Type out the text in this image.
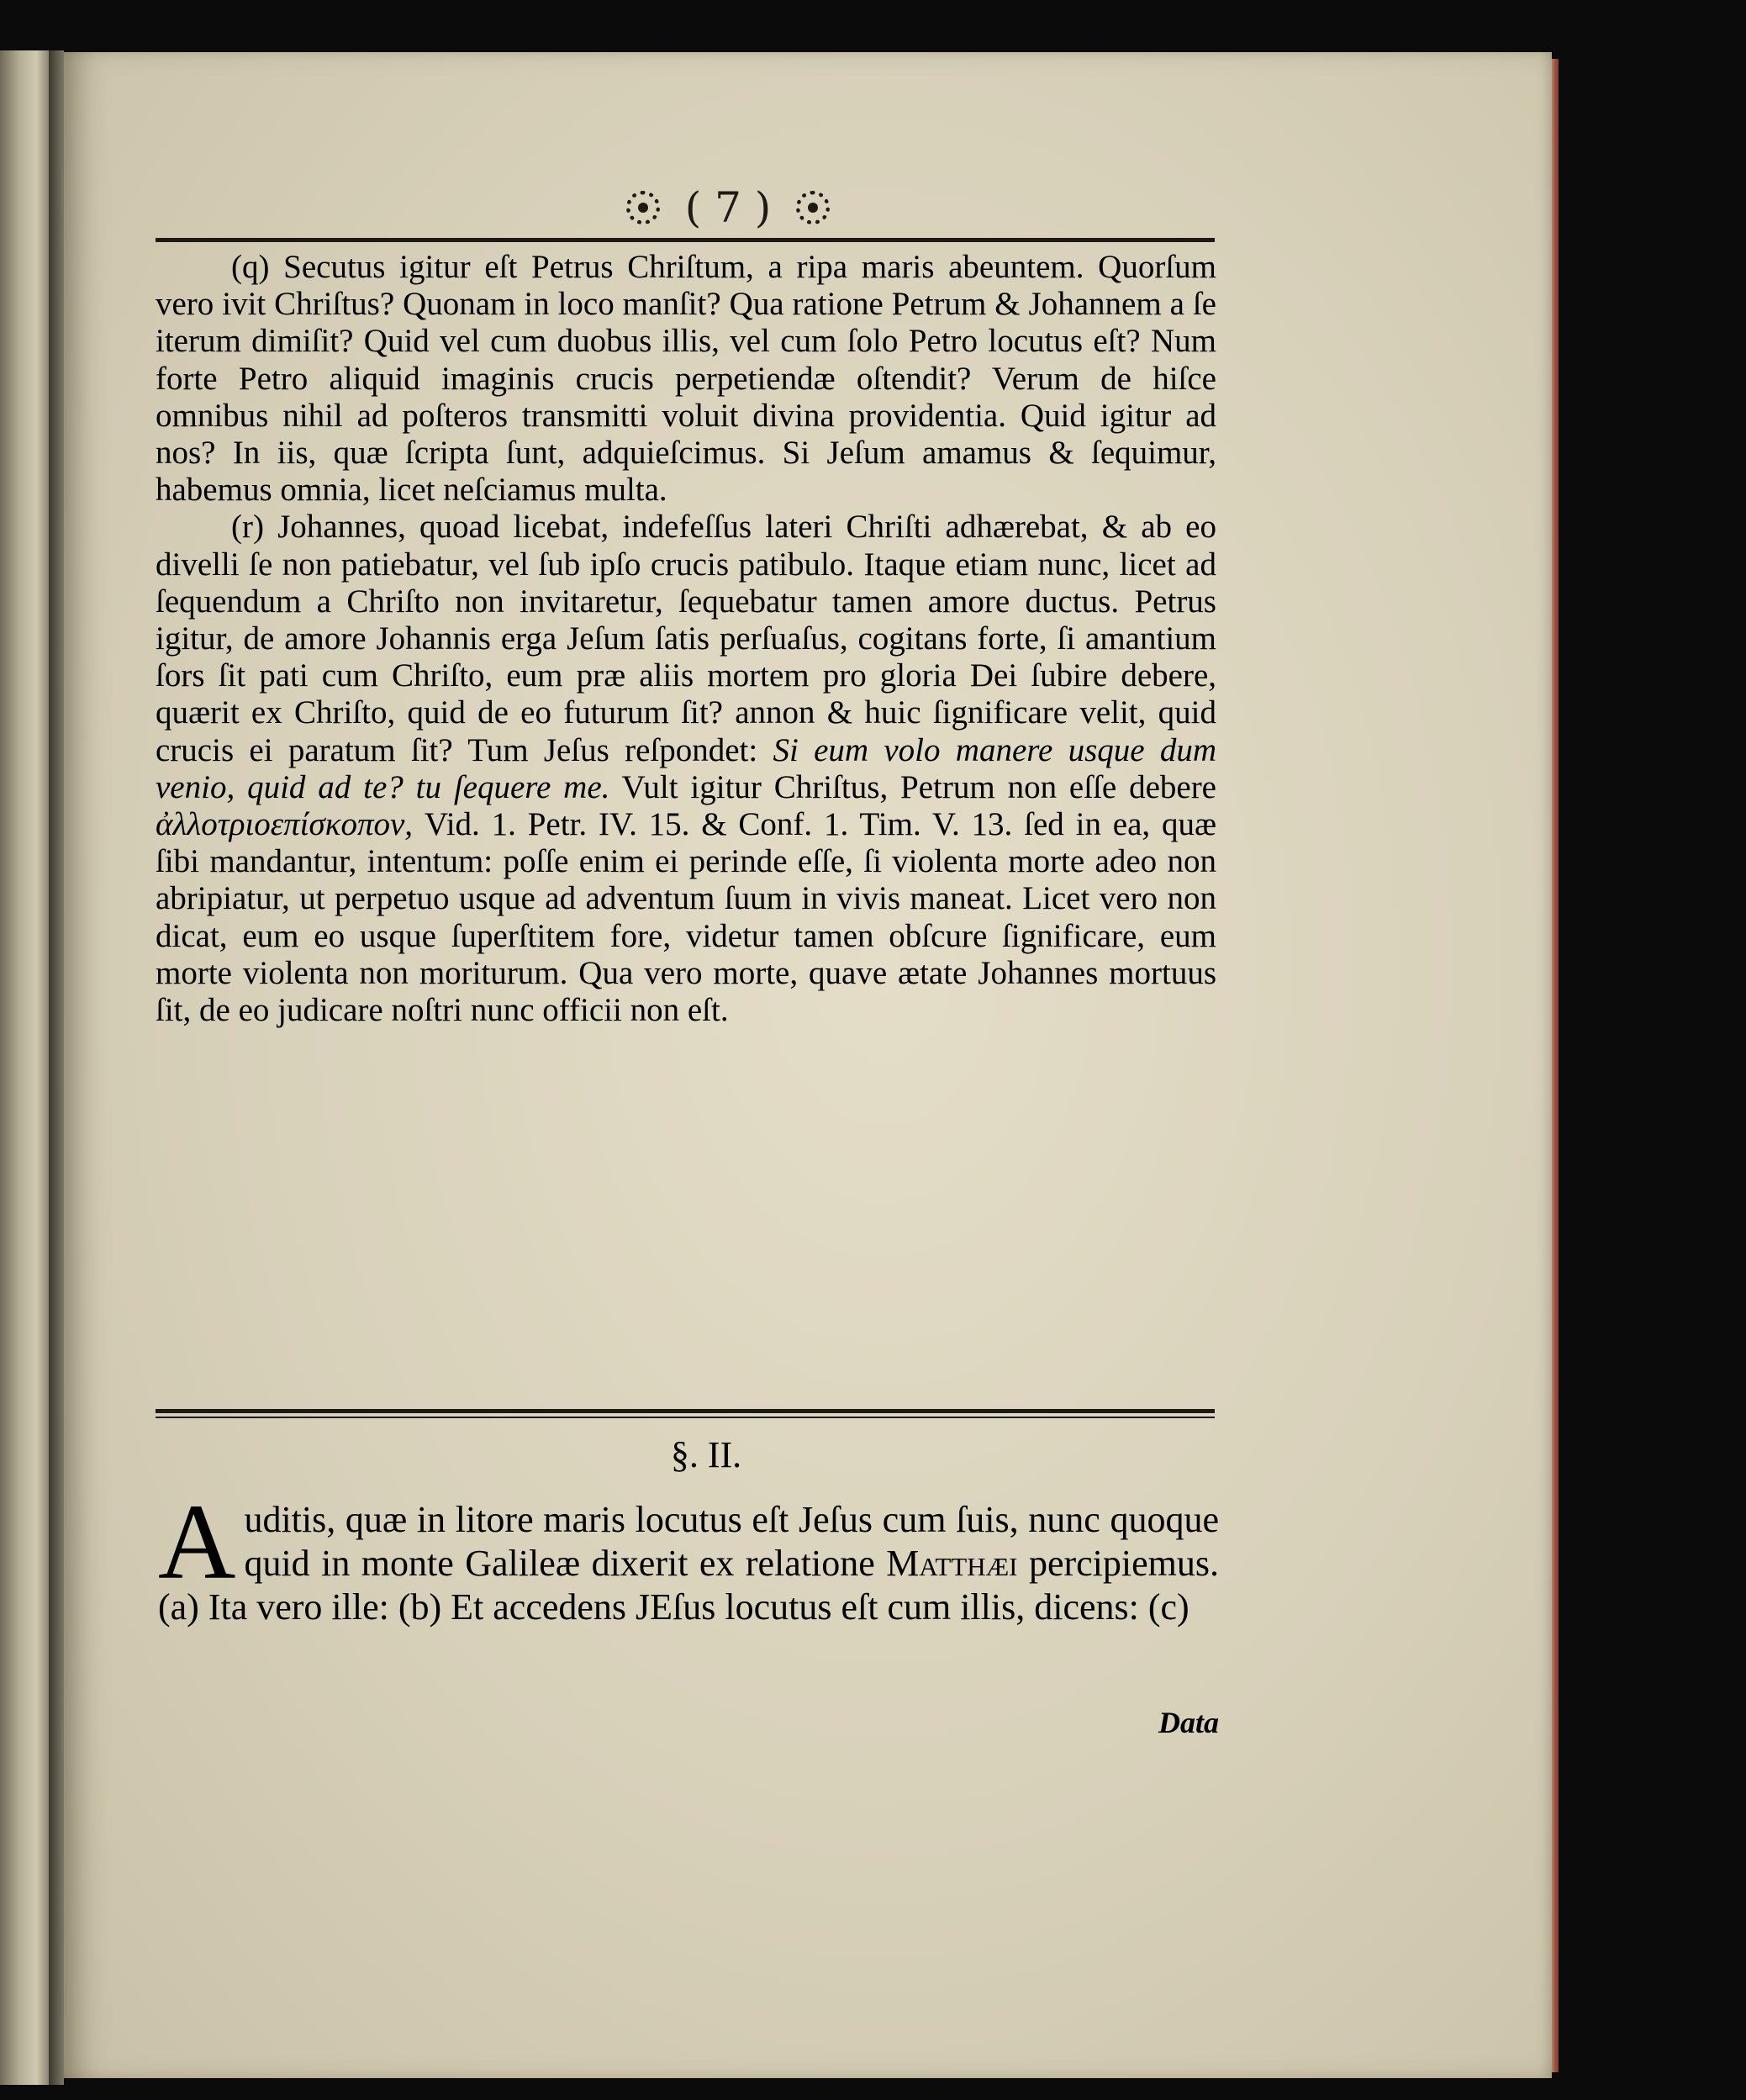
( 7 )

(q) Secutus igitur eſt Petrus Chriſtum, a ripa maris abeuntem. Quorſum vero ivit Chriſtus? Quonam in loco manſit? Qua ratione Petrum & Johannem a ſe iterum dimiſit? Quid vel cum duobus illis, vel cum ſolo Petro locutus eſt? Num forte Petro aliquid imaginis crucis perpetiendæ oſtendit? Verum de hiſce omnibus nihil ad poſteros transmitti voluit divina providentia. Quid igitur ad nos? In iis, quæ ſcripta ſunt, adquieſcimus. Si Jeſum amamus & ſequimur, habemus omnia, licet neſciamus multa.

(r) Johannes, quoad licebat, indefeſſus lateri Chriſti adhærebat, & ab eo divelli ſe non patiebatur, vel ſub ipſo crucis patibulo. Itaque etiam nunc, licet ad ſequendum a Chriſto non invitaretur, ſequebatur tamen amore ductus. Petrus igitur, de amore Johannis erga Jeſum ſatis perſuaſus, cogitans forte, ſi amantium ſors ſit pati cum Chriſto, eum præ aliis mortem pro gloria Dei ſubire debere, quærit ex Chriſto, quid de eo futurum ſit? annon & huic ſignificare velit, quid crucis ei paratum ſit? Tum Jeſus reſpondet: Si eum volo manere usque dum venio, quid ad te? tu ſequere me. Vult igitur Chriſtus, Petrum non eſſe debere ἀλλοτριοεπίσκοπον, Vid. 1. Petr. IV. 15. & Conf. 1. Tim. V. 13. ſed in ea, quæ ſibi mandantur, intentum: poſſe enim ei perinde eſſe, ſi violenta morte adeo non abripiatur, ut perpetuo usque ad adventum ſuum in vivis maneat. Licet vero non dicat, eum eo usque ſuperſtitem fore, videtur tamen obſcure ſignificare, eum morte violenta non moriturum. Qua vero morte, quave ætate Johannes mortuus ſit, de eo judicare noſtri nunc officii non eſt.

§. II.

Auditis, quæ in litore maris locutus eſt Jeſus cum ſuis, nunc quoque quid in monte Galileæ dixerit ex relatione Matthæi percipiemus. (a) Ita vero ille: (b) Et accedens JEſus locutus eſt cum illis, dicens: (c)

Data
